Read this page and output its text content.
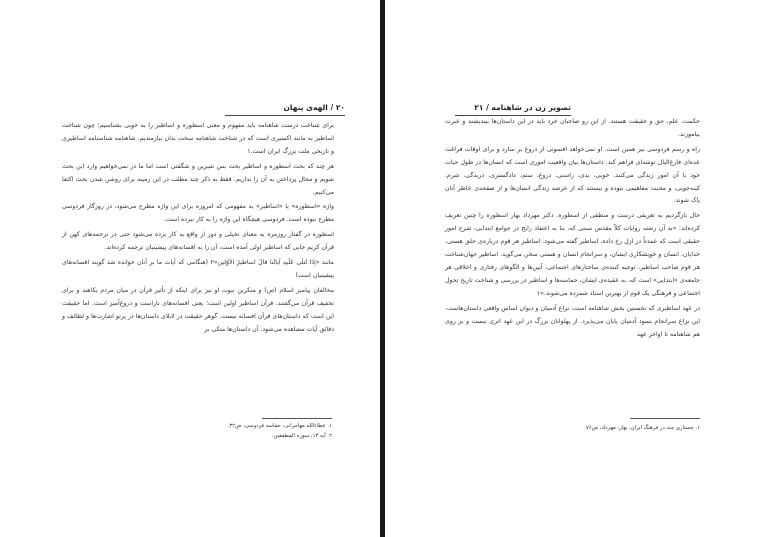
۲۰ / الهه‌ی پنهان

برای شناخت درست شاهنامه باید مفهوم و معنی اسطوره و اساطیر را به خوبی بشناسیم؛ چون شناخت اساطیر به مانند اکسیری است که در شناخت شاهنامه سخت بدان نیازمندیم. شاهنامه شناسنامه اساطیری و تاریخی ملت بزرگ ایران است.۱

هر چند که بحث اسطوره و اساطیر بحث بس شیرین و شگفتی است اما ما در نمی‌خواهیم وارد این بحث شویم و مجال پرداختن به آن را نداریم. فقط به ذکر چند مطلب در این زمینه برای روشن شدن بحث اکتفا می‌کنیم.

واژه «اسطوره» یا «اساطیر» به مفهومی که امروزه برای این واژه مطرح می‌شود، در روزگار فردوسی مطرح نبوده است. فردوسی هیچگاه این واژه را به کار نبرده است.

اسطوره در گفتار روزمره به معنای تخیلی و دور از واقع به کار برده می‌شود حتی در ترجمه‌های کهن از قرآن کریم جایی که اساطیر اولی آمده است، آن را به افسانه‌های پیشینیان ترجمه کرده‌اند.

مانند «اِذَا تُتلَی عَلَیهِ آیاتُنا قالَ اساطیرُ الاَوّلین»۲ (هنگامی که آیات ما بر آنان خوانده شد گویند افسانه‌های پیشینیان است)

مخالفان پیامبر اسلام (ص) و منکرین نبوت او نیز برای اینکه از تأثیر قرآن در میان مردم بکاهند و برای تخفیف قرآن می‌گفتند، قرآن اساطیر اولین است؛ یعنی افسانه‌های ناراست و دروغ‌آمیز است. اما حقیقت این است که داستان‌های قرآن افسانه نیست. گوهر حقیقت در لابلای داستان‌ها در پرتو اشارت‌ها و لطائف و دقائق آیات مشاهده می‌شود. آن داستان‌ها متکی بر

۱. عطاءالله مهاجرانی، حماسه فردوسی، ص۳۲.
۲. آیه ۱۳، سوره المطففین.
تصویر زن در شاهنامه / ۲۱

حکمت، علم، حق و حقیقت هستند. از این رو صاحبان خرد باید در این داستان‌ها بیندیشند و عبرت بیاموزند.

راه و رسم فردوسی نیز همین است. او نمی‌خواهد افسونی از دروغ بر سازد و برای اوقات فراغت عده‌ای فارغ‌البال توشه‌ای فراهم کند. داستان‌ها بیان واقعیت اموری است که انسان‌ها در طول حیات خود با آن امور زندگی می‌کنند. خوبی، بدی، راستی، دروغ، ستم، دادگستری، دریدگی، شرم، کینه‌جویی، و محبت مفاهیمی نبوده و نیستند که از عرصه زندگی انسان‌ها و از صفحه‌ی خاطر آنان پاک شوند.

حال بازگردیم به تعریفی درست و منطقی از اسطوره. دکتر مهرداد بهار اسطوره را چنین تعریف کرده‌اند: «به آن رشته روایات کلاً مقدس سنتی که، بنا به اعتقاد رایج در جوامع ابتدایی، شرح امور حقیقی است که عمدتاً در ازل رخ داده، اساطیر گفته می‌شود. اساطیر هر قوم درباره‌ی خلق هستی، خدایان، انسان و خویشکاری ایشان، و سرانجام انسان و هستی سخن می‌گوید. اساطیر جهان‌شناخت هر قوم صاحب اساطیر، توجیه کننده‌ی ساختارهای اجتماعی، آیین‌ها و الگوهای رفتاری و اخلاقی هر جامعه‌ی «ابتدایی» است که، به عقیده‌ی ایشان، حماسه‌ها و اساطیر در بررسی و شناخت تاریخ تحول اجتماعی و فرهنگی یک قوم از بهترین اسناد شمرده می‌شوند.»۱

در عهد اساطیری که نخستین بخش شاهنامه است، نزاع آدمیان و دیوان اساس واقعی داستان‌هاست. این نزاع سرانجام بسود آدمیان پایان می‌پذیرد. از پهلوانان بزرگ در این عهد اثری نیست و بر روی هم شاهنامه تا اواخر عهد

۱. جستاری چند در فرهنگ ایران، بهار، مهرداد، ص۷۶.
